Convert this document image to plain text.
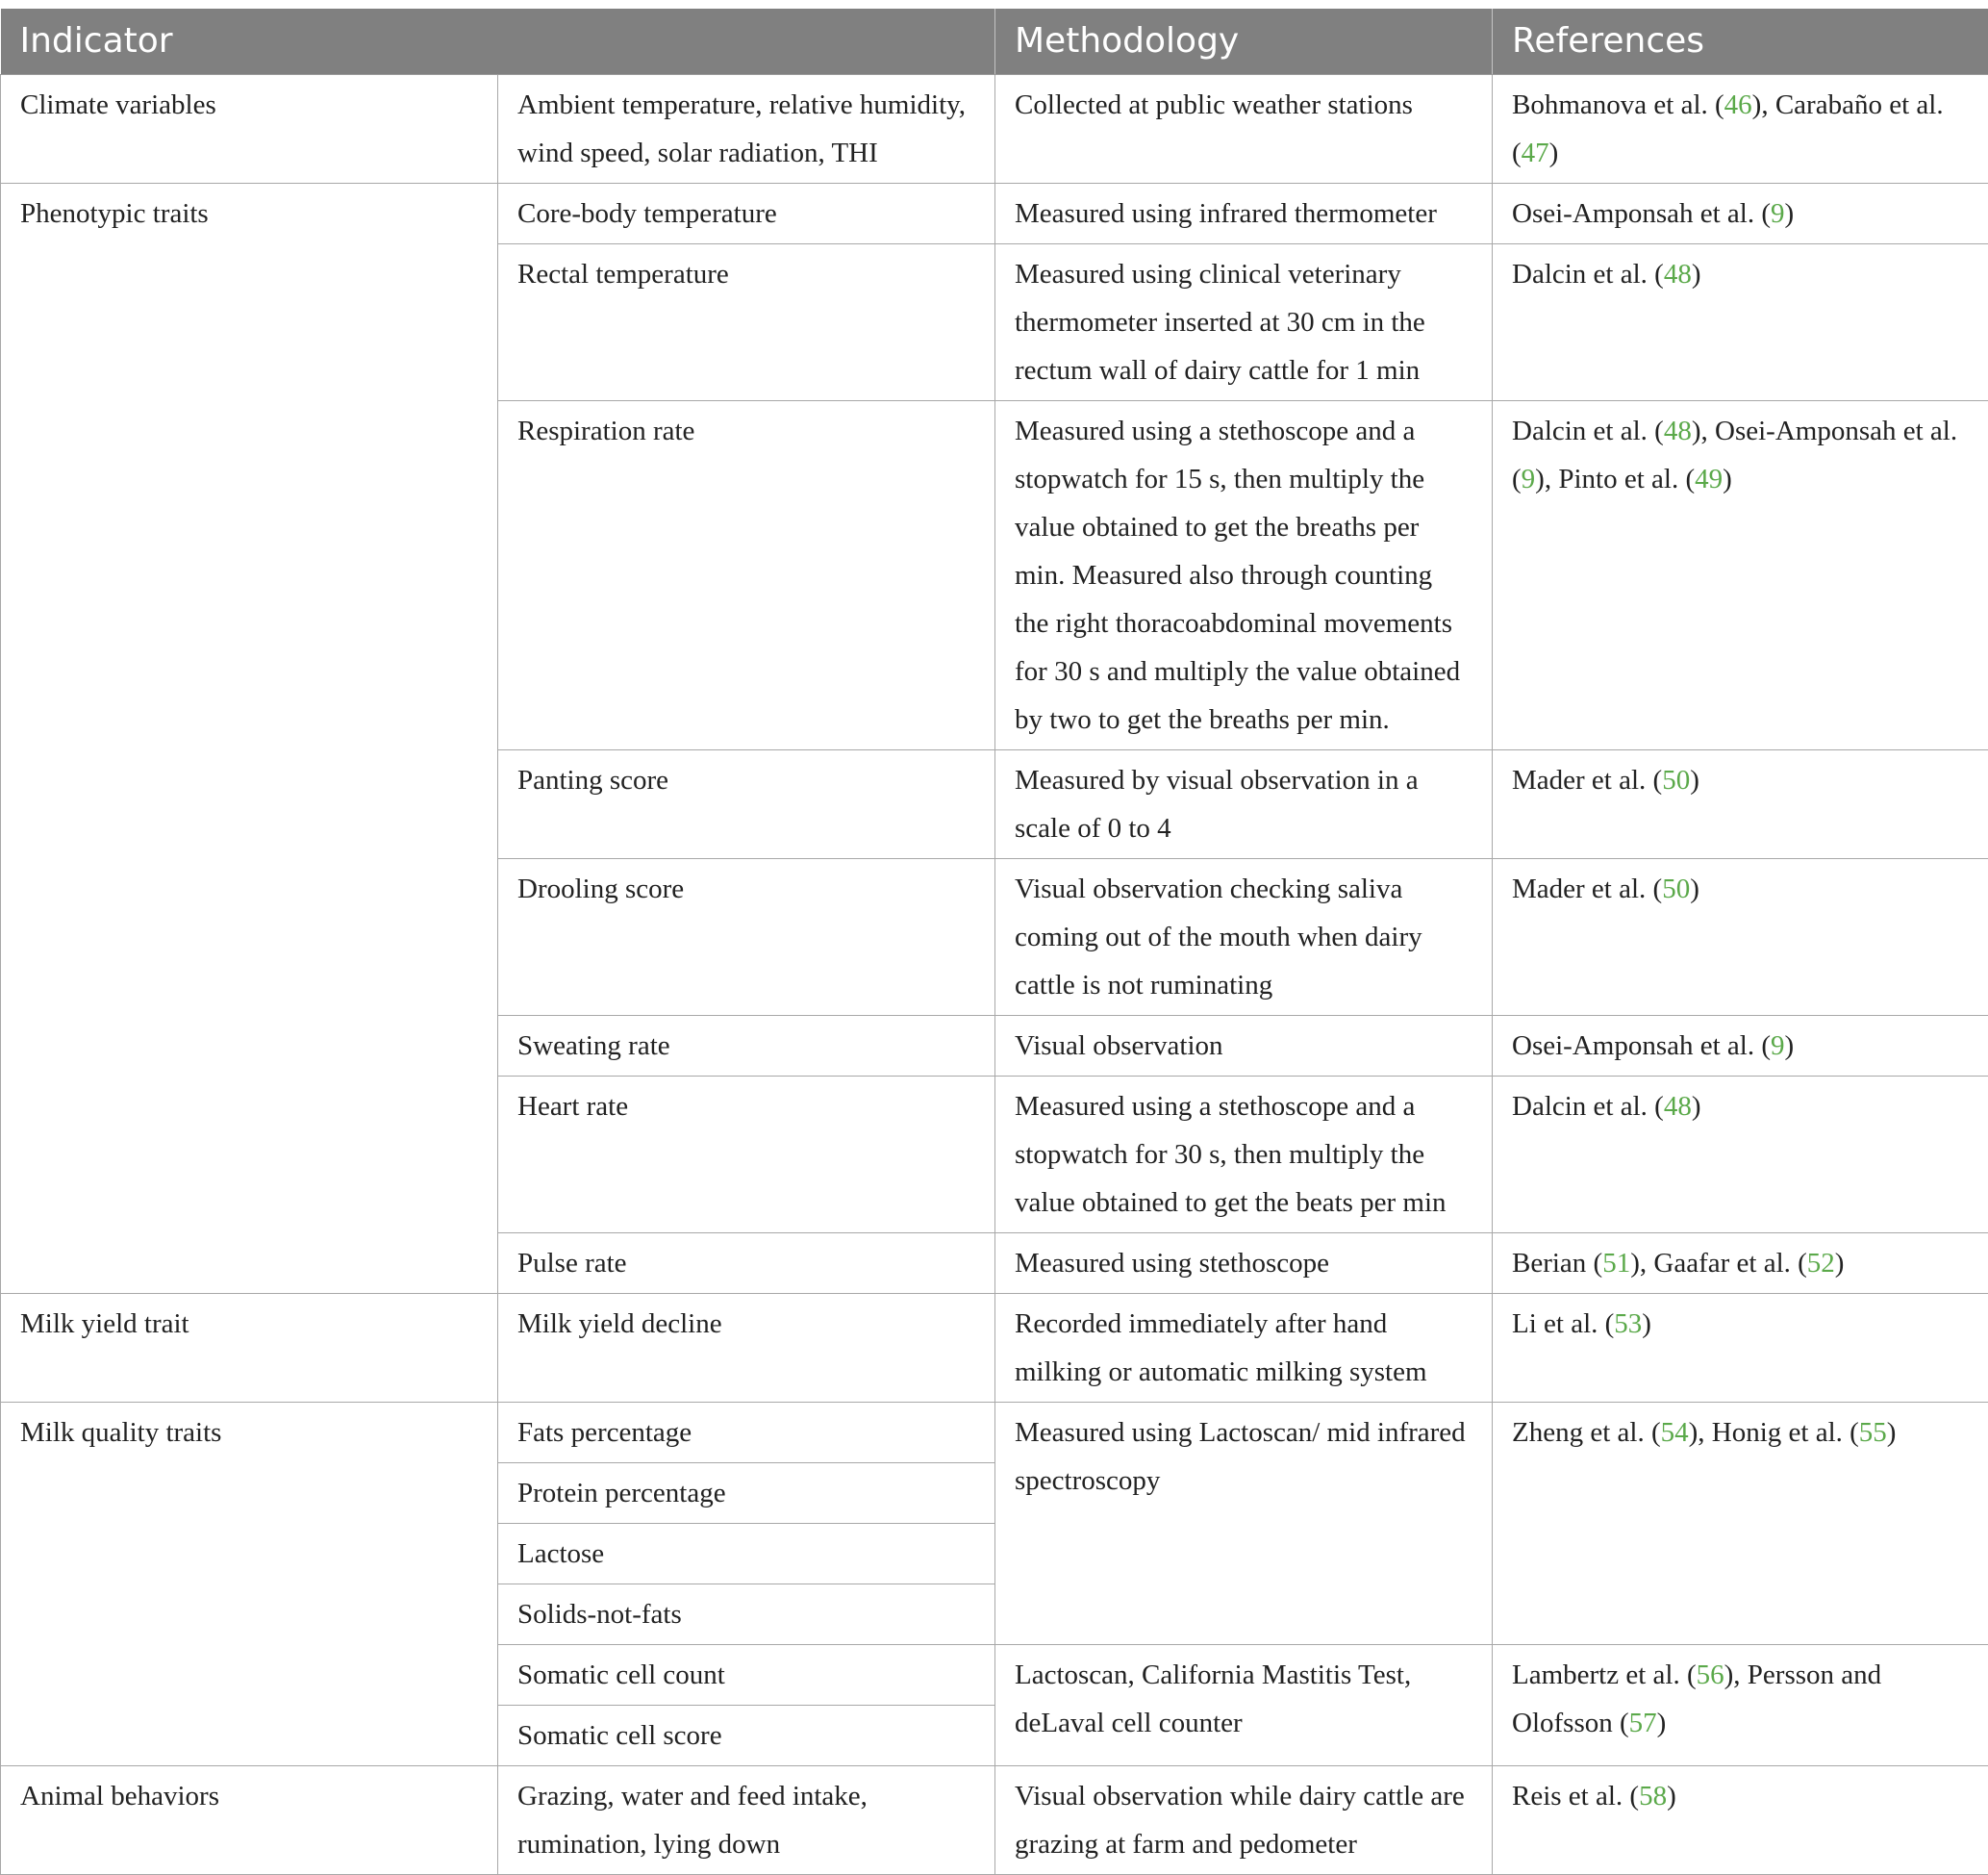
Indicator		Methodology	References
Climate variables	Ambient temperature, relative humidity, wind speed, solar radiation, THI	Collected at public weather stations	Bohmanova et al. (46), Carabaño et al. (47)
Phenotypic traits	Core-body temperature	Measured using infrared thermometer	Osei-Amponsah et al. (9)
	Rectal temperature	Measured using clinical veterinary thermometer inserted at 30 cm in the rectum wall of dairy cattle for 1 min	Dalcin et al. (48)
	Respiration rate	Measured using a stethoscope and a stopwatch for 15 s, then multiply the value obtained to get the breaths per min. Measured also through counting the right thoracoabdominal movements for 30 s and multiply the value obtained by two to get the breaths per min.	Dalcin et al. (48), Osei-Amponsah et al. (9), Pinto et al. (49)
	Panting score	Measured by visual observation in a scale of 0 to 4	Mader et al. (50)
	Drooling score	Visual observation checking saliva coming out of the mouth when dairy cattle is not ruminating	Mader et al. (50)
	Sweating rate	Visual observation	Osei-Amponsah et al. (9)
	Heart rate	Measured using a stethoscope and a stopwatch for 30 s, then multiply the value obtained to get the beats per min	Dalcin et al. (48)
	Pulse rate	Measured using stethoscope	Berian (51), Gaafar et al. (52)
Milk yield trait	Milk yield decline	Recorded immediately after hand milking or automatic milking system	Li et al. (53)
Milk quality traits	Fats percentage	Measured using Lactoscan/ mid infrared spectroscopy	Zheng et al. (54), Honig et al. (55)
	Protein percentage		
	Lactose		
	Solids-not-fats		
	Somatic cell count	Lactoscan, California Mastitis Test, deLaval cell counter	Lambertz et al. (56), Persson and Olofsson (57)
	Somatic cell score		
Animal behaviors	Grazing, water and feed intake, rumination, lying down	Visual observation while dairy cattle are grazing at farm and pedometer	Reis et al. (58)
